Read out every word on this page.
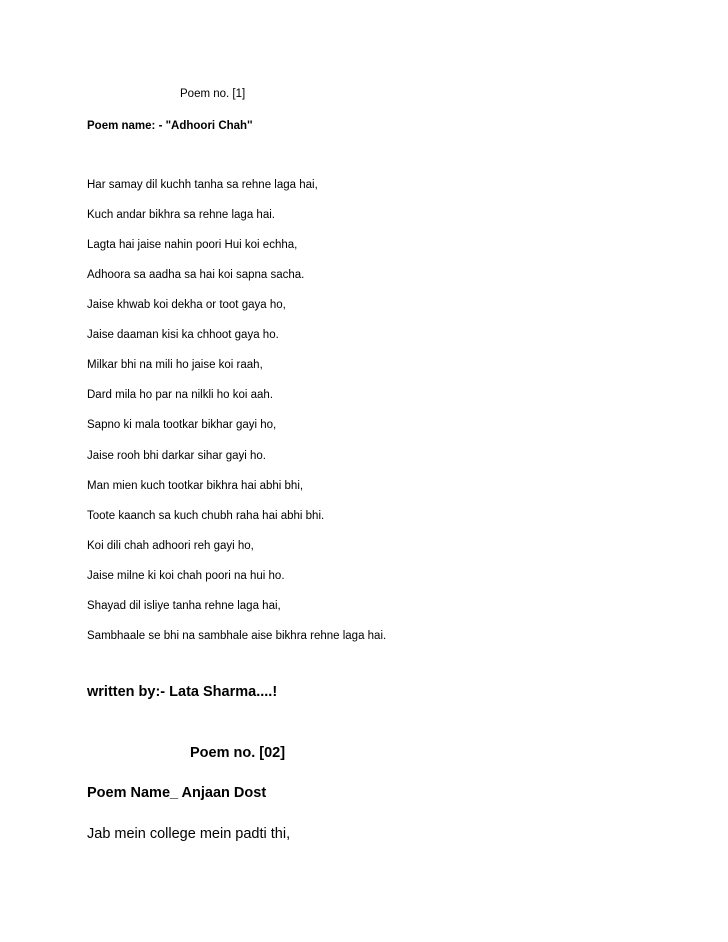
Poem no. [1]
Poem name: - "Adhoori Chah''
Har samay dil kuchh tanha sa rehne laga hai,
Kuch andar bikhra sa rehne laga hai.
Lagta hai jaise nahin poori Hui koi echha,
Adhoora sa aadha sa hai koi sapna sacha.
Jaise khwab koi dekha or toot gaya ho,
Jaise daaman kisi ka chhoot gaya ho.
Milkar bhi na mili ho jaise koi raah,
Dard mila ho par na nilkli ho koi aah.
Sapno ki mala tootkar bikhar gayi ho,
Jaise rooh bhi darkar sihar gayi ho.
Man mien kuch tootkar bikhra hai abhi bhi,
Toote kaanch sa kuch chubh raha hai abhi bhi.
Koi dili chah adhoori reh gayi ho,
Jaise milne ki koi chah poori na hui ho.
Shayad dil isliye tanha rehne laga hai,
Sambhaale se bhi na sambhale aise bikhra rehne laga hai.
written by:- Lata Sharma....!
Poem no. [02]
Poem Name_ Anjaan Dost
Jab mein college mein padti thi,
